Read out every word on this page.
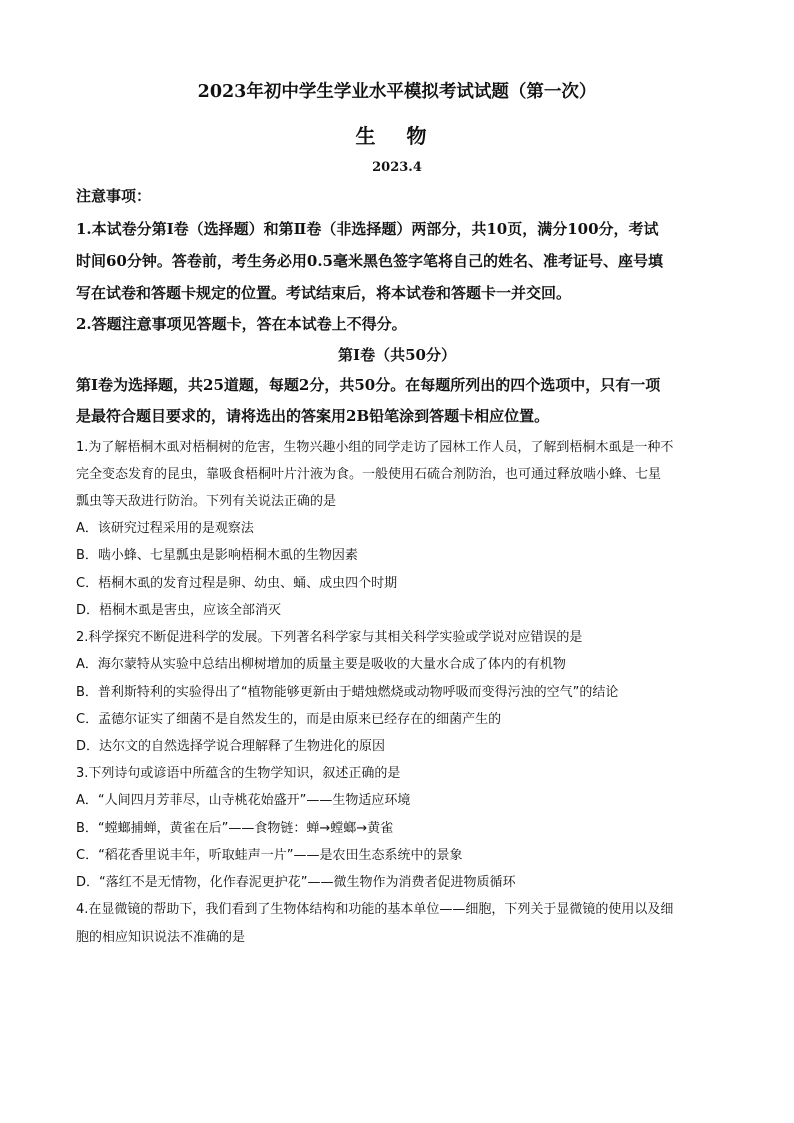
2023年初中学生学业水平模拟考试试题（第一次）
生 物
2023.4
注意事项：
1.本试卷分第Ⅰ卷（选择题）和第Ⅱ卷（非选择题）两部分，共10页，满分100分，考试
时间60分钟。答卷前，考生务必用0.5毫米黑色签字笔将自己的姓名、准考证号、座号填
写在试卷和答题卡规定的位置。考试结束后，将本试卷和答题卡一并交回。
2.答题注意事项见答题卡，答在本试卷上不得分。
第Ⅰ卷（共50分）
第Ⅰ卷为选择题，共25道题，每题2分，共50分。在每题所列出的四个选项中，只有一项
是最符合题目要求的，请将选出的答案用2B铅笔涂到答题卡相应位置。
1.为了解梧桐木虱对梧桐树的危害，生物兴趣小组的同学走访了园林工作人员，了解到梧桐木虱是一种不
完全变态发育的昆虫，靠吸食梧桐叶片汁液为食。一般使用石硫合剂防治，也可通过释放啮小蜂、七星
瓢虫等天敌进行防治。下列有关说法正确的是
A．该研究过程采用的是观察法
B．啮小蜂、七星瓢虫是影响梧桐木虱的生物因素
C．梧桐木虱的发育过程是卵、幼虫、蛹、成虫四个时期
D．梧桐木虱是害虫，应该全部消灭
2.科学探究不断促进科学的发展。下列著名科学家与其相关科学实验或学说对应错误的是
A．海尔蒙特从实验中总结出柳树增加的质量主要是吸收的大量水合成了体内的有机物
B．普利斯特利的实验得出了“植物能够更新由于蜡烛燃烧或动物呼吸而变得污浊的空气”的结论
C．孟德尔证实了细菌不是自然发生的，而是由原来已经存在的细菌产生的
D．达尔文的自然选择学说合理解释了生物进化的原因
3.下列诗句或谚语中所蕴含的生物学知识，叙述正确的是
A．“人间四月芳菲尽，山寺桃花始盛开”——生物适应环境
B．“螳螂捕蝉，黄雀在后”——食物链：蝉→螳螂→黄雀
C．“稻花香里说丰年，听取蛙声一片”——是农田生态系统中的景象
D．“落红不是无情物，化作春泥更护花”——微生物作为消费者促进物质循环
4.在显微镜的帮助下，我们看到了生物体结构和功能的基本单位——细胞，下列关于显微镜的使用以及细
胞的相应知识说法不准确的是
